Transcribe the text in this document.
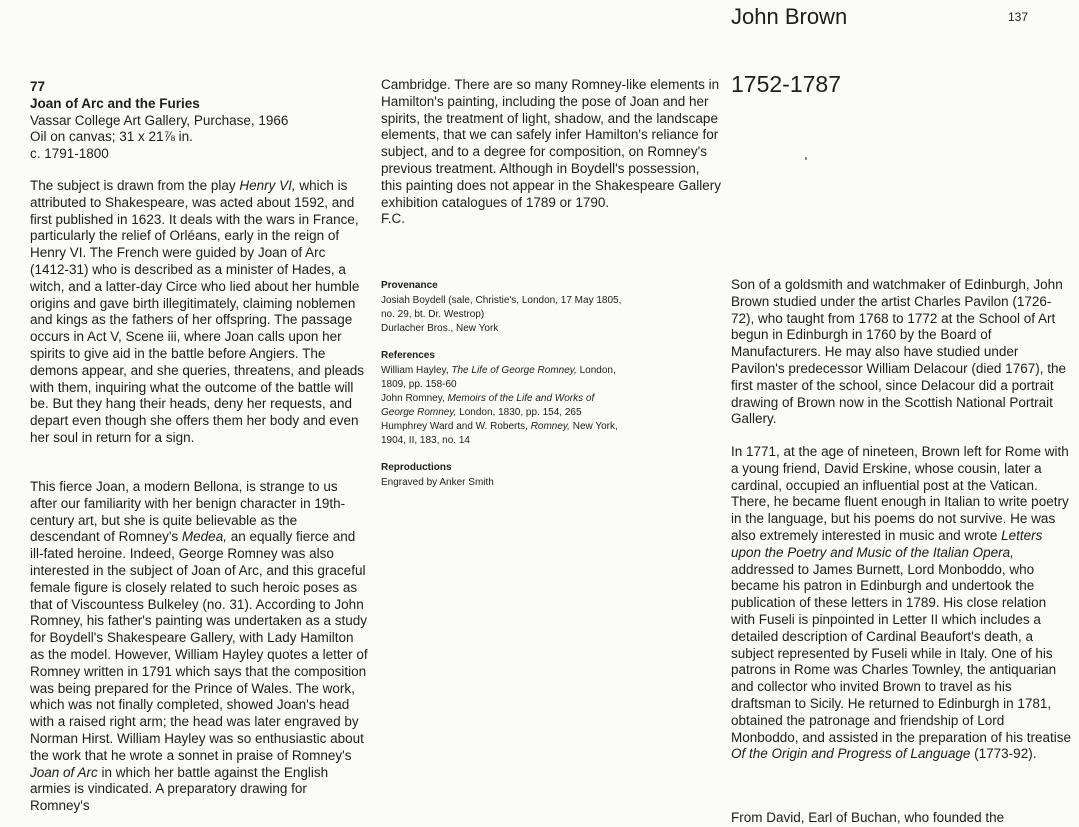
77
Joan of Arc and the Furies
Vassar College Art Gallery, Purchase, 1966
Oil on canvas; 31 x 21⅞ in.
c. 1791-1800

The subject is drawn from the play Henry VI, which is attributed to Shakespeare, was acted about 1592, and first published in 1623. It deals with the wars in France, particularly the relief of Orléans, early in the reign of Henry VI. The French were guided by Joan of Arc (1412-31) who is described as a minister of Hades, a witch, and a latter-day Circe who lied about her humble origins and gave birth illegitimately, claiming noblemen and kings as the fathers of her offspring. The passage occurs in Act V, Scene iii, where Joan calls upon her spirits to give aid in the battle before Angiers. The demons appear, and she queries, threatens, and pleads with them, inquiring what the outcome of the battle will be. But they hang their heads, deny her requests, and depart even though she offers them her body and even her soul in return for a sign.

This fierce Joan, a modern Bellona, is strange to us after our familiarity with her benign character in 19th-century art, but she is quite believable as the descendant of Romney's Medea, an equally fierce and ill-fated heroine. Indeed, George Romney was also interested in the subject of Joan of Arc, and this graceful female figure is closely related to such heroic poses as that of Viscountess Bulkeley (no. 31). According to John Romney, his father's painting was undertaken as a study for Boydell's Shakespeare Gallery, with Lady Hamilton as the model. However, William Hayley quotes a letter of Romney written in 1791 which says that the composition was being prepared for the Prince of Wales. The work, which was not finally completed, showed Joan's head with a raised right arm; the head was later engraved by Norman Hirst. William Hayley was so enthusiastic about the work that he wrote a sonnet in praise of Romney's Joan of Arc in which her battle against the English armies is vindicated. A preparatory drawing for Romney's

Cambridge. There are so many Romney-like elements in Hamilton's painting, including the pose of Joan and her spirits, the treatment of light, shadow, and the landscape elements, that we can safely infer Hamilton's reliance for subject, and to a degree for composition, on Romney's previous treatment. Although in Boydell's possession, this painting does not appear in the Shakespeare Gallery exhibition catalogues of 1789 or 1790.
F.C.

Provenance
Josiah Boydell (sale, Christie's, London, 17 May 1805,
no. 29, bt. Dr. Westrop)
Durlacher Bros., New York
References
William Hayley, The Life of George Romney, London,
1809, pp. 158-60
John Romney, Memoirs of the Life and Works of
George Romney, London, 1830, pp. 154, 265
Humphrey Ward and W. Roberts, Romney, New York,
1904, II, 183, no. 14
Reproductions
Engraved by Anker Smith
John Brown
1752-1787

Son of a goldsmith and watchmaker of Edinburgh, John Brown studied under the artist Charles Pavilon (1726-72), who taught from 1768 to 1772 at the School of Art begun in Edinburgh in 1760 by the Board of Manufacturers. He may also have studied under Pavilon's predecessor William Delacour (died 1767), the first master of the school, since Delacour did a portrait drawing of Brown now in the Scottish National Portrait Gallery.

In 1771, at the age of nineteen, Brown left for Rome with a young friend, David Erskine, whose cousin, later a cardinal, occupied an influential post at the Vatican. There, he became fluent enough in Italian to write poetry in the language, but his poems do not survive. He was also extremely interested in music and wrote Letters upon the Poetry and Music of the Italian Opera, addressed to James Burnett, Lord Monboddo, who became his patron in Edinburgh and undertook the publication of these letters in 1789. His close relation with Fuseli is pinpointed in Letter II which includes a detailed description of Cardinal Beaufort's death, a subject represented by Fuseli while in Italy. One of his patrons in Rome was Charles Townley, the antiquarian and collector who invited Brown to travel as his draftsman to Sicily. He returned to Edinburgh in 1781, obtained the patronage and friendship of Lord Monboddo, and assisted in the preparation of his treatise Of the Origin and Progress of Language (1773-92).

From David, Earl of Buchan, who founded the

137
